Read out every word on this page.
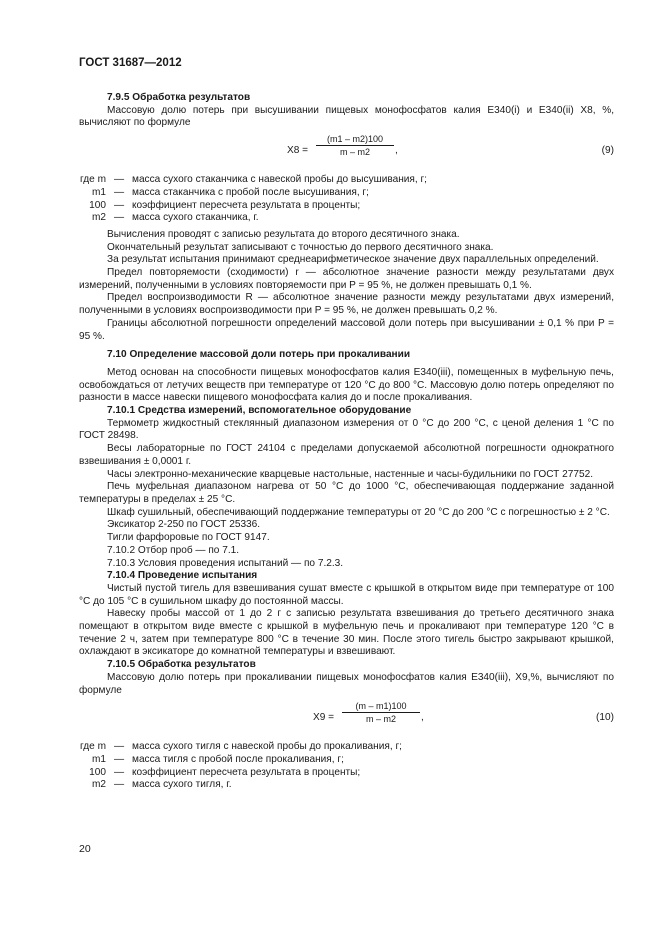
ГОСТ 31687—2012

7.9.5 Обработка результатов

Массовую долю потерь при высушивании пищевых монофосфатов калия Е340(i) и Е340(ii) X8, %, вычисляют по формуле

X8 =
(m1 – m2)100
m – m2	,	(9)
где m — масса сухого стаканчика с навеской пробы до высушивания, г;
m1 — масса стаканчика с пробой после высушивания, г;
100 — коэффициент пересчета результата в проценты;
m2 — масса сухого стаканчика, г.

Вычисления проводят с записью результата до второго десятичного знака.

Окончательный результат записывают с точностью до первого десятичного знака.

За результат испытания принимают среднеарифметическое значение двух параллельных определений.

Предел повторяемости (сходимости) r — абсолютное значение разности между результатами двух измерений, полученными в условиях повторяемости при P = 95 %, не должен превышать 0,1 %.

Предел воспроизводимости R — абсолютное значение разности между результатами двух измерений, полученными в условиях воспроизводимости при P = 95 %, не должен превышать 0,2 %.

Границы абсолютной погрешности определений массовой доли потерь при высушивании ± 0,1 % при P = 95 %.

7.10 Определение массовой доли потерь при прокаливании

Метод основан на способности пищевых монофосфатов калия Е340(iii), помещенных в муфельную печь, освобождаться от летучих веществ при температуре от 120 °С до 800 °С. Массовую долю потерь определяют по разности в массе навески пищевого монофосфата калия до и после прокаливания.

7.10.1 Средства измерений, вспомогательное оборудование

Термометр жидкостный стеклянный диапазоном измерения от 0 °С до 200 °С, с ценой деления 1 °С по ГОСТ 28498.

Весы лабораторные по ГОСТ 24104 с пределами допускаемой абсолютной погрешности однократного взвешивания ± 0,0001 г.

Часы электронно-механические кварцевые настольные, настенные и часы-будильники по ГОСТ 27752.

Печь муфельная диапазоном нагрева от 50 °С до 1000 °С, обеспечивающая поддержание заданной температуры в пределах ± 25 °С.

Шкаф сушильный, обеспечивающий поддержание температуры от 20 °С до 200 °С с погрешностью ± 2 °С.

Эксикатор 2-250 по ГОСТ 25336.

Тигли фарфоровые по ГОСТ 9147.

7.10.2 Отбор проб — по 7.1.

7.10.3 Условия проведения испытаний — по 7.2.3.

7.10.4 Проведение испытания

Чистый пустой тигель для взвешивания сушат вместе с крышкой в открытом виде при температуре от 100 °С до 105 °С в сушильном шкафу до постоянной массы.

Навеску пробы массой от 1 до 2 г с записью результата взвешивания до третьего десятичного знака помещают в открытом виде вместе с крышкой в муфельную печь и прокаливают при температуре 120 °С в течение 2 ч, затем при температуре 800 °С в течение 30 мин. После этого тигель быстро закрывают крышкой, охлаждают в эксикаторе до комнатной температуры и взвешивают.

7.10.5 Обработка результатов

Массовую долю потерь при прокаливании пищевых монофосфатов калия Е340(iii), X9,%, вычисляют по формуле

X9 =
(m – m1)100
m – m2	,	(10)
где m — масса сухого тигля с навеской пробы до прокаливания, г;
m1 — масса тигля с пробой после прокаливания, г;
100 — коэффициент пересчета результата в проценты;
m2 — масса сухого тигля, г.

20
